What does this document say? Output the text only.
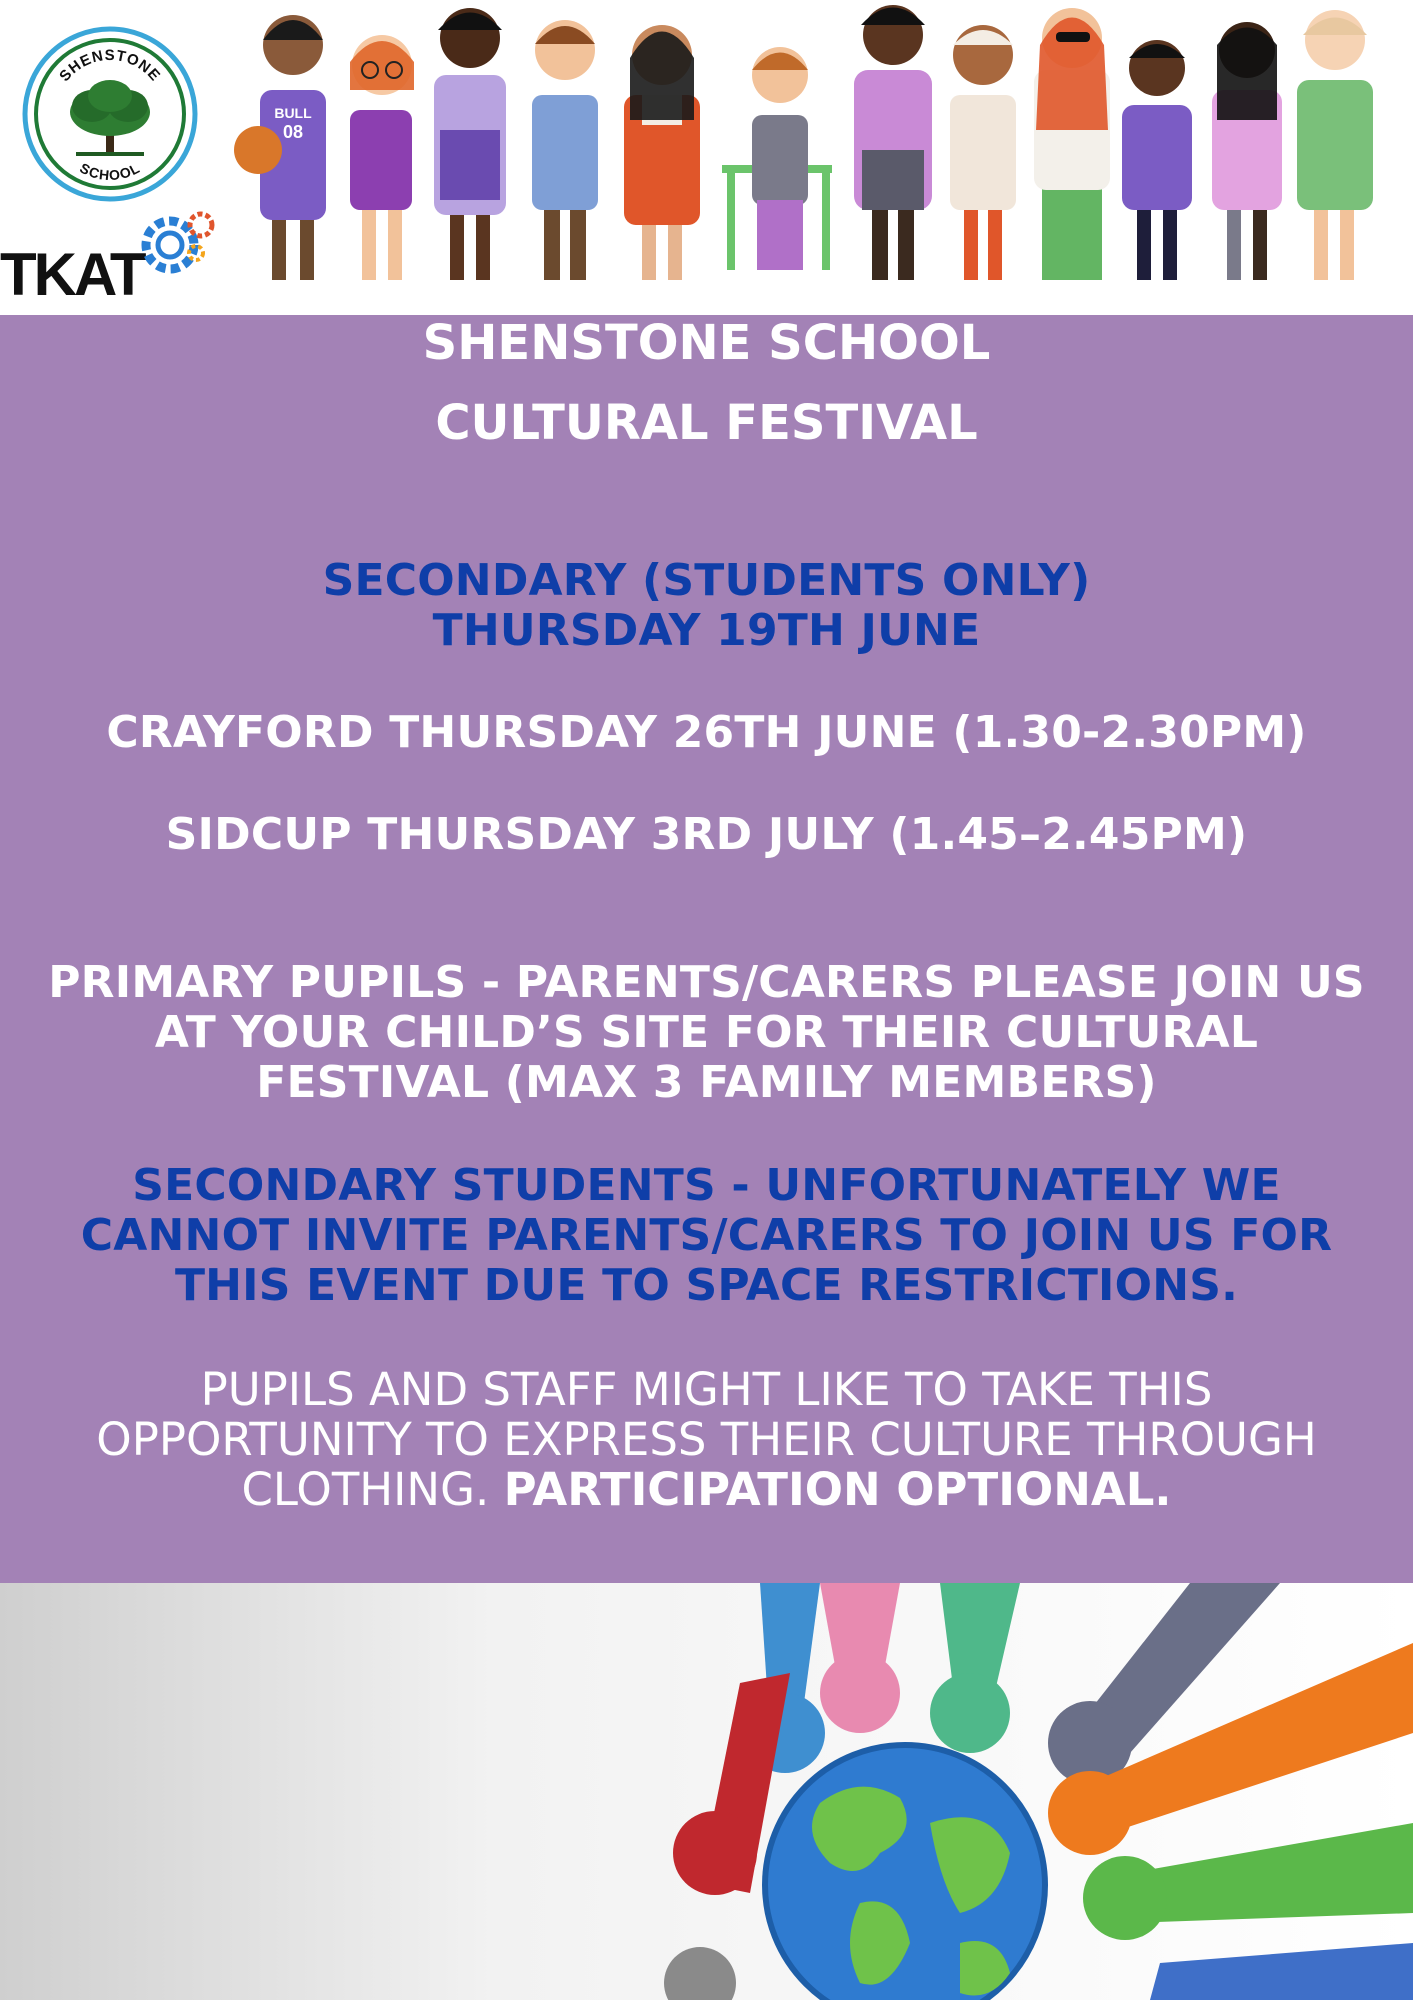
SHENSTONE
SCHOOL
TKAT
BULL
08
SHENSTONE SCHOOL
CULTURAL FESTIVAL
SECONDARY (STUDENTS ONLY)
THURSDAY 19TH JUNE
CRAYFORD THURSDAY 26TH JUNE (1.30-2.30PM)
SIDCUP THURSDAY 3RD JULY (1.45–2.45PM)
PRIMARY PUPILS - PARENTS/CARERS PLEASE JOIN US
AT YOUR CHILD’S SITE FOR THEIR CULTURAL
FESTIVAL (MAX 3 FAMILY MEMBERS)
SECONDARY STUDENTS - UNFORTUNATELY WE
CANNOT INVITE PARENTS/CARERS TO JOIN US FOR
THIS EVENT DUE TO SPACE RESTRICTIONS.
PUPILS AND STAFF MIGHT LIKE TO TAKE THIS
OPPORTUNITY TO EXPRESS THEIR CULTURE THROUGH
CLOTHING. PARTICIPATION OPTIONAL.
